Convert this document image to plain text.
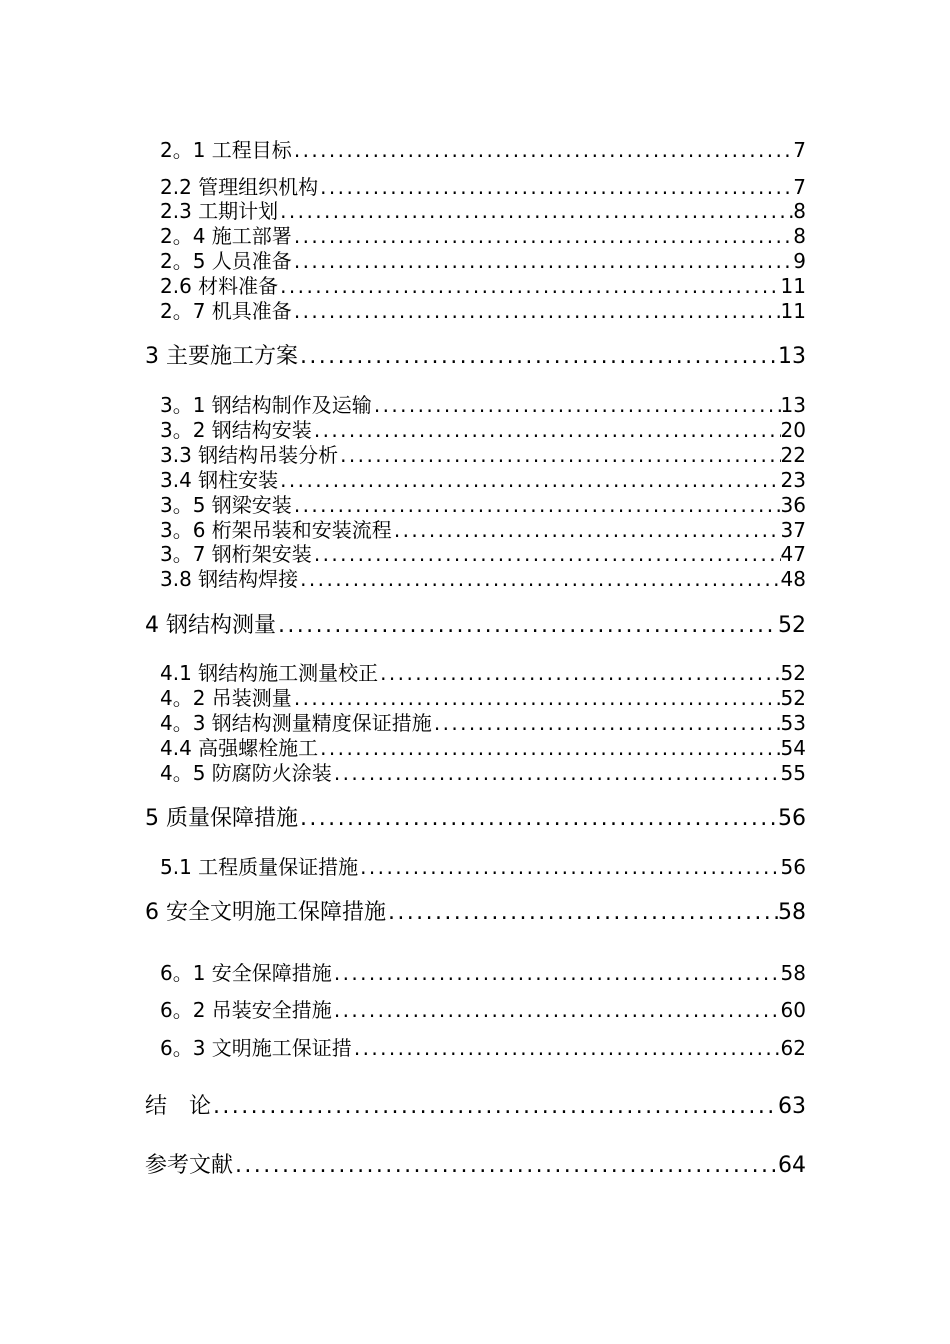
2。1 工程目标 .....	7
2.2 管理组织机构 .....	7
2.3 工期计划 .....	8
2。4 施工部署 .....	8
2。5 人员准备 .....	9
2.6 材料准备 .....	11
2。7 机具准备 .....	11
3 主要施工方案 .....	13
3。1 钢结构制作及运输 .....	13
3。2 钢结构安装 .....	20
3.3 钢结构吊装分析 .....	22
3.4 钢柱安装 .....	23
3。5 钢梁安装 .....	36
3。6 桁架吊装和安装流程 .....	37
3。7 钢桁架安装 .....	47
3.8 钢结构焊接 .....	48
4 钢结构测量 .....	52
4.1 钢结构施工测量校正 .....	52
4。2 吊装测量 .....	52
4。3 钢结构测量精度保证措施 .....	53
4.4 高强螺栓施工 .....	54
4。5 防腐防火涂装 .....	55
5 质量保障措施 .....	56
5.1 工程质量保证措施 .....	56
6 安全文明施工保障措施 .....	58
6。1 安全保障措施 .....	58
6。2 吊装安全措施 .....	60
6。3 文明施工保证措 .....	62
结　论 .....	63
参考文献 .....	64
